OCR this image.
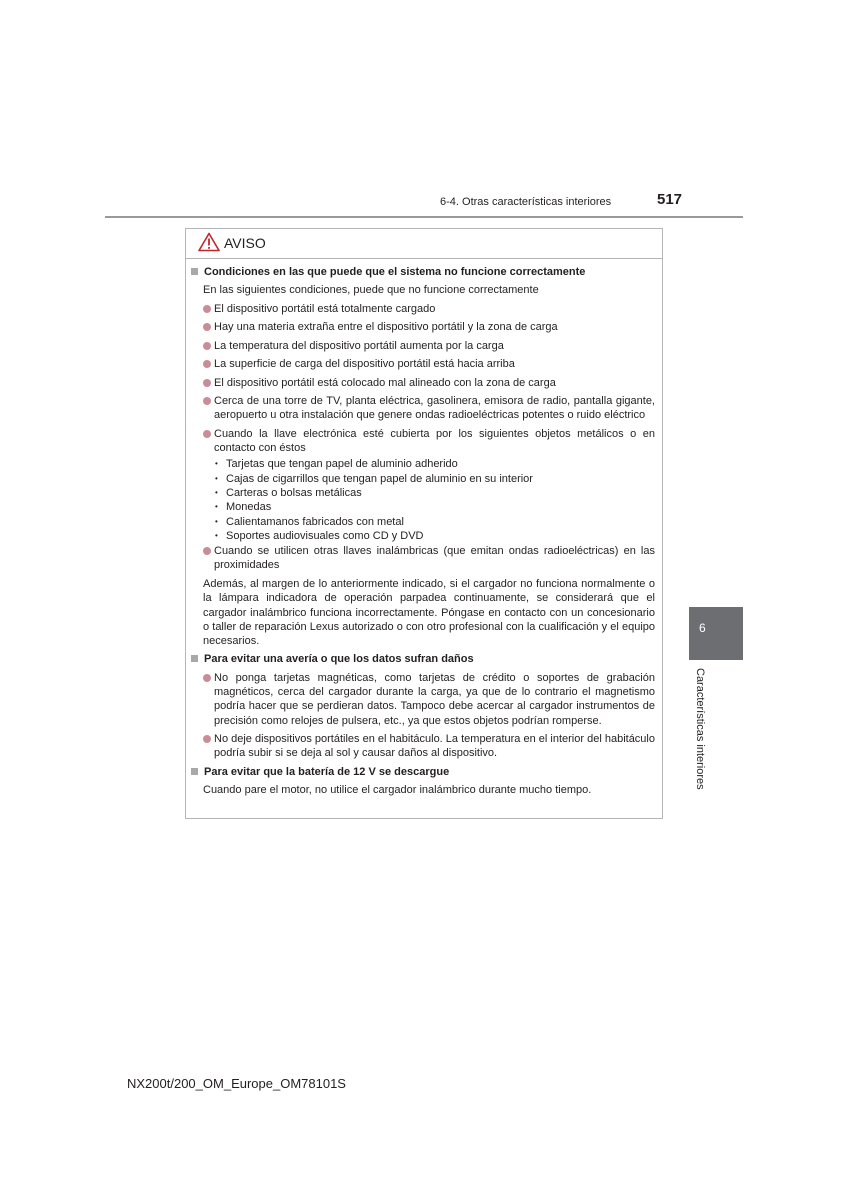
6-4. Otras características interiores	517
6
Características interiores
AVISO
Condiciones en las que puede que el sistema no funcione correctamente
En las siguientes condiciones, puede que no funcione correctamente
El dispositivo portátil está totalmente cargado
Hay una materia extraña entre el dispositivo portátil y la zona de carga
La temperatura del dispositivo portátil aumenta por la carga
La superficie de carga del dispositivo portátil está hacia arriba
El dispositivo portátil está colocado mal alineado con la zona de carga
Cerca de una torre de TV, planta eléctrica, gasolinera, emisora de radio, pantalla gigante, aeropuerto u otra instalación que genere ondas radioeléctricas potentes o ruido eléctrico
Cuando la llave electrónica esté cubierta por los siguientes objetos metálicos o en contacto con éstos
• Tarjetas que tengan papel de aluminio adherido
• Cajas de cigarrillos que tengan papel de aluminio en su interior
• Carteras o bolsas metálicas
• Monedas
• Calientamanos fabricados con metal
• Soportes audiovisuales como CD y DVD
Cuando se utilicen otras llaves inalámbricas (que emitan ondas radioeléctricas) en las proximidades
Además, al margen de lo anteriormente indicado, si el cargador no funciona normalmente o la lámpara indicadora de operación parpadea continuamente, se considerará que el cargador inalámbrico funciona incorrectamente. Póngase en contacto con un concesionario o taller de reparación Lexus autorizado o con otro profesional con la cualificación y el equipo necesarios.
Para evitar una avería o que los datos sufran daños
No ponga tarjetas magnéticas, como tarjetas de crédito o soportes de grabación magnéticos, cerca del cargador durante la carga, ya que de lo contrario el magnetismo podría hacer que se perdieran datos. Tampoco debe acercar al cargador instrumentos de precisión como relojes de pulsera, etc., ya que estos objetos podrían romperse.
No deje dispositivos portátiles en el habitáculo. La temperatura en el interior del habitáculo podría subir si se deja al sol y causar daños al dispositivo.
Para evitar que la batería de 12 V se descargue
Cuando pare el motor, no utilice el cargador inalámbrico durante mucho tiempo.
NX200t/200_OM_Europe_OM78101S
